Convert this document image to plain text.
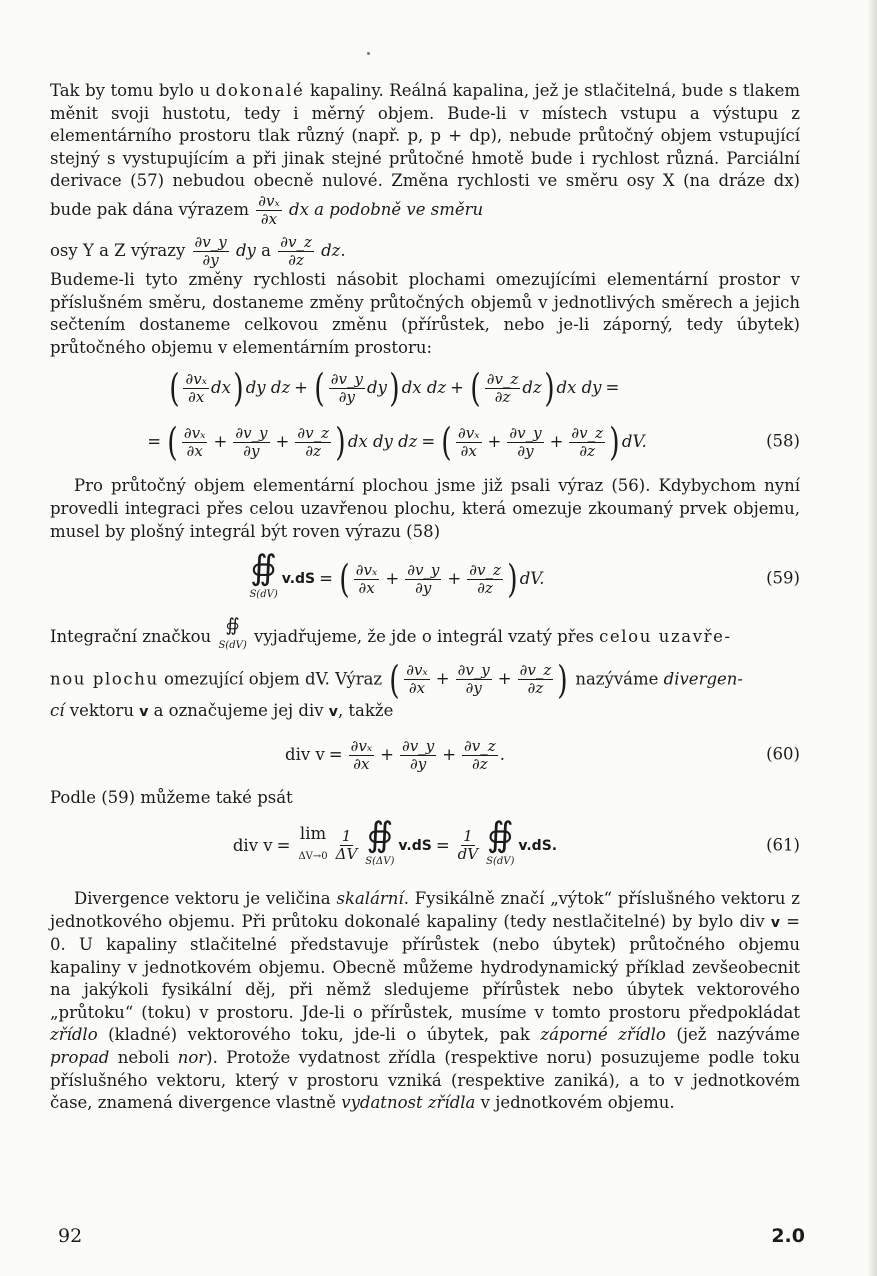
Tak by tomu bylo u dokonalé kapaliny. Reálná kapalina, jež je stlačitelná, bude s tlakem měnit svoji hustotu, tedy i měrný objem. Bude-li v místech vstupu a výstupu z elementárního prostoru tlak různý (např. p, p + dp), nebude průtočný objem vstupující stejný s vystupujícím a při jinak stejné průtočné hmotě bude i rychlost různá. Parciální derivace (57) nebudou obecně nulové. Změna rychlosti ve směru osy X (na dráze dx) bude pak dána výrazem $\frac{\text{∂vₓ}}{\partial x}$ dx a podobně ve směru

osy Y a Z výrazy $\frac{\partial v\_y}{\partial y}$ dy a $\frac{\partial v\_z}{\partial z}$ dz.

Budeme-li tyto změny rychlosti násobit plochami omezujícími elementární prostor v příslušném směru, dostaneme změny průtočných objemů v jednotlivých směrech a jejich sečtením dostaneme celkovou změnu (přírůstek, nebo je-li záporný, tedy úbytek) průtočného objemu v elementárním prostoru:

( $\frac{\text{∂vₓ}}{\partial x}$ dx ) dy dz + ( $\frac{\partial v\_y}{\partial y}$ dy ) dx dz + ( $\frac{\partial v\_z}{\partial z}$ dz ) dx dy =
= ( $\frac{\text{∂vₓ}}{\partial x} + \frac{\partial v\_y}{\partial y} + \frac{\partial v\_z}{\partial z}$ ) dx dy dz = ( $\frac{\text{∂vₓ}}{\partial x} + \frac{\partial v\_y}{\partial y} + \frac{\partial v\_z}{\partial z}$ ) dV.	(58)

Pro průtočný objem elementární plochou jsme již psali výraz (56). Kdybychom nyní provedli integraci přes celou uzavřenou plochu, která omezuje zkoumaný prvek objemu, musel by plošný integrál být roven výrazu (58)

∯
S(dV)
v.dS = ( $\frac{\text{∂vₓ}}{\partial x} + \frac{\partial v\_y}{\partial y} + \frac{\partial v\_z}{\partial z}$ ) dV.	(59)

Integrační značkou
∯
S(dV) vyjadřujeme, že jde o integrál vzatý přes celou uzavře-

nou plochu omezující objem dV. Výraz ( $\frac{\text{∂vₓ}}{\partial x} + \frac{\partial v\_y}{\partial y} + \frac{\partial v\_z}{\partial z}$ ) nazýváme divergen-

cí vektoru v a označujeme jej div v, takže

div $v = \frac{\text{∂vₓ}}{\partial x} + \frac{\partial v\_y}{\partial y} + \frac{\partial v\_z}{\partial z}$ .	(60)

Podle (59) můžeme také psát

div v =
lim
$\Delta V\to 0 \frac{1}{\Delta V}$ ∯
S(ΔV)
$v.dS = \frac{1}{dV}$ ∯
S(dV)
v.dS.	(61)

Divergence vektoru je veličina skalární. Fysikálně značí „výtok“ příslušného vektoru z jednotkového objemu. Při průtoku dokonalé kapaliny (tedy nestlačitelné) by bylo div v = 0. U kapaliny stlačitelné představuje přírůstek (nebo úbytek) průtočného objemu kapaliny v jednotkovém objemu. Obecně můžeme hydrodynamický příklad zevšeobecnit na jakýkoli fysikální děj, při němž sledujeme přírůstek nebo úbytek vektorového „průtoku“ (toku) v prostoru. Jde-li o přírůstek, musíme v tomto prostoru předpokládat zřídlo (kladné) vektorového toku, jde-li o úbytek, pak záporné zřídlo (jež nazýváme propad neboli nor). Protože vydatnost zřídla (respektive noru) posuzujeme podle toku příslušného vektoru, který v prostoru vzniká (respektive zaniká), a to v jednotkovém čase, znamená divergence vlastně vydatnost zřídla v jednotkovém objemu.

92	2.0
